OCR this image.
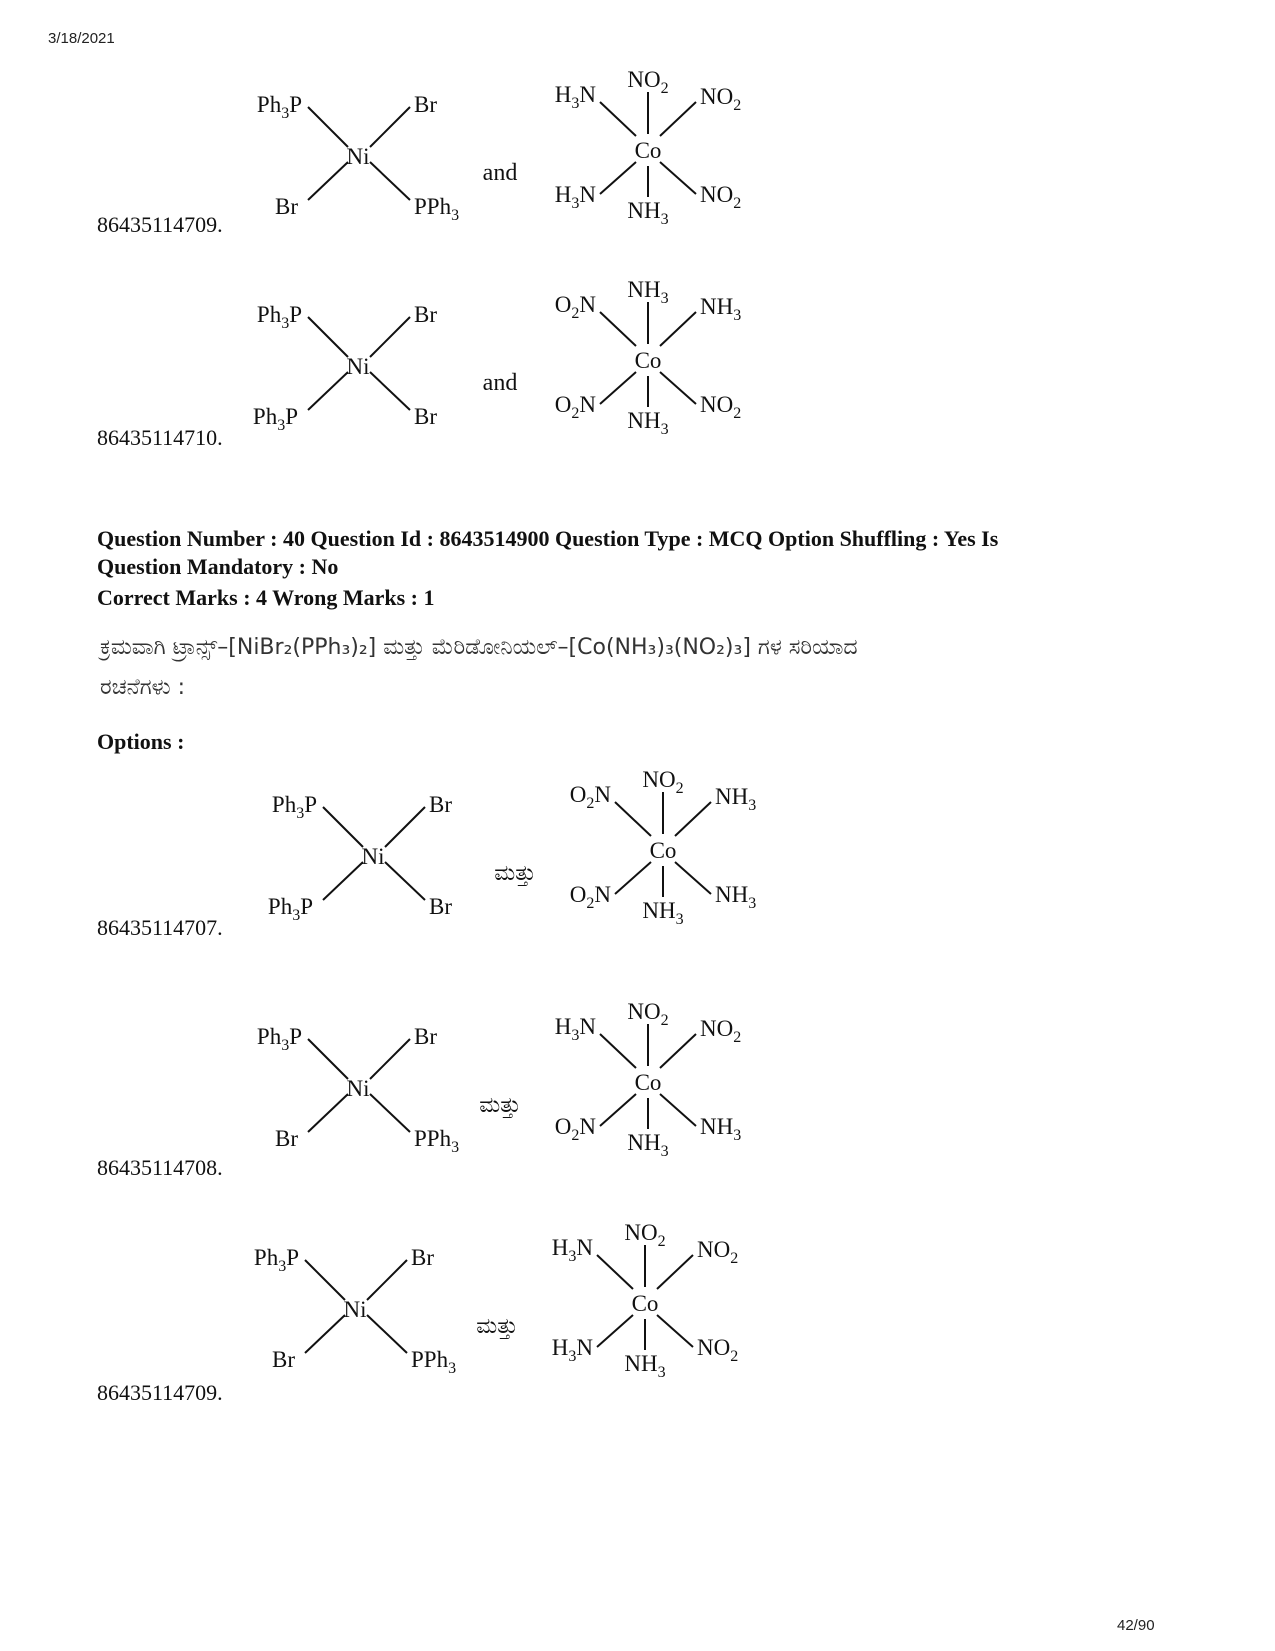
3/18/2021
86435114709.
Ni
$Ph_3P$	Br
Br	PPh$_3$
and
Co
$NO_2$
$H_3N$	$NO_2$
$H_3N$	$NO_2$
$NH_3$
86435114710.
Ni
$Ph_3P$	Br
$Ph_3P$	Br
and
Co
$NH_3$
$O_2N$	$NH_3$
$O_2N$	$NO_2$
$NH_3$
Question Number : 40 Question Id : 8643514900 Question Type : MCQ Option Shuffling : Yes Is
Question Mandatory : No
Correct Marks : 4 Wrong Marks : 1
ಕ್ರಮವಾಗಿ ಟ್ರಾನ್ಸ್–[NiBr₂(PPh₃)₂] ಮತ್ತು ಮೆರಿಡೋನಿಯಲ್–[Co(NH₃)₃(NO₂)₃] ಗಳ ಸರಿಯಾದ
ರಚನೆಗಳು :
Options :
86435114707.
Ni
$Ph_3P$	Br
$Ph_3P$	Br
ಮತ್ತು
Co
$NO_2$
$O_2N$	$NH_3$
$O_2N$	$NH_3$
$NH_3$
86435114708.
Ni
$Ph_3P$	Br
Br	PPh$_3$
ಮತ್ತು
Co
$NO_2$
$H_3N$	$NO_2$
$O_2N$	$NH_3$
$NH_3$
86435114709.
Ni
$Ph_3P$	Br
Br	PPh$_3$
ಮತ್ತು
Co
$NO_2$
$H_3N$	$NO_2$
$H_3N$	$NO_2$
$NH_3$
42/90
